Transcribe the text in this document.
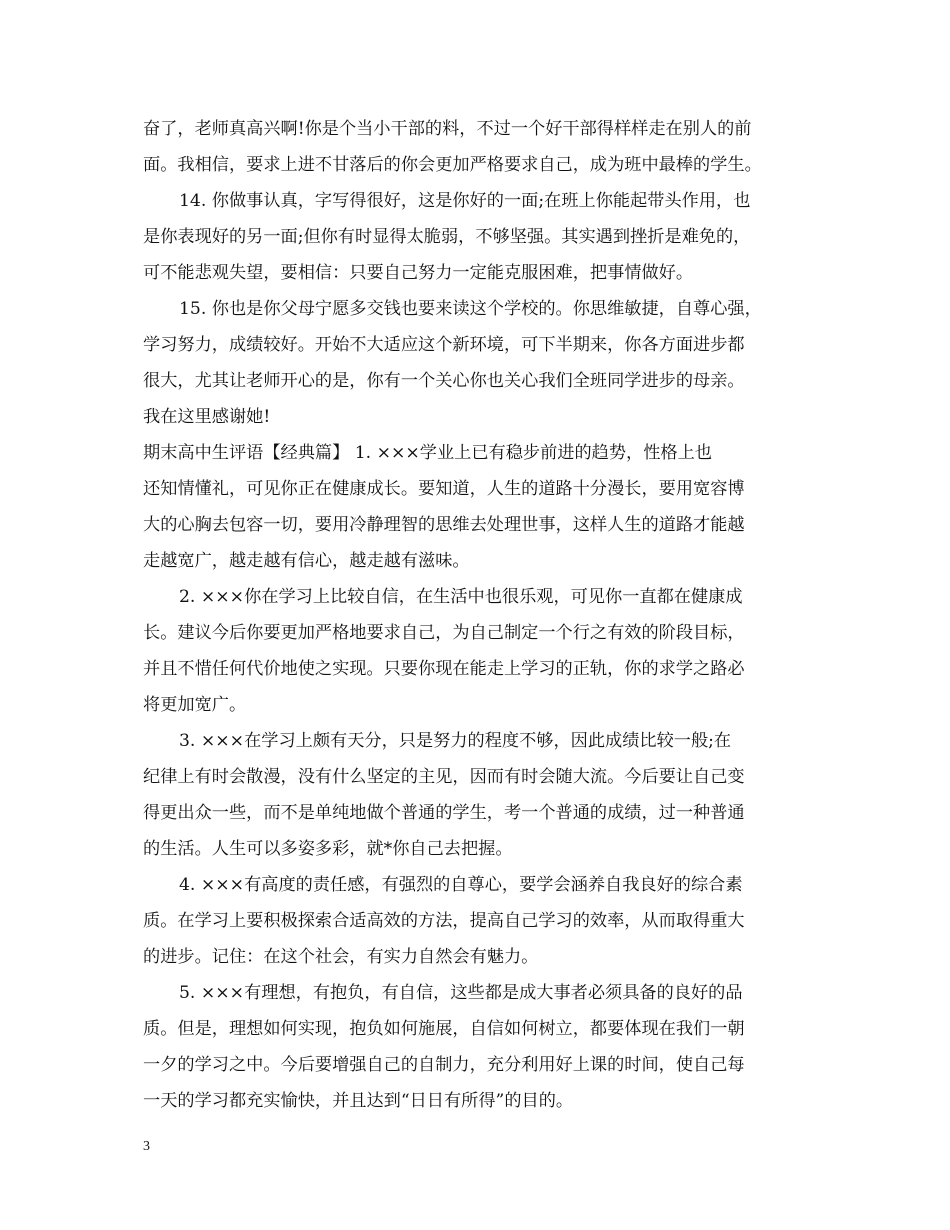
奋了，老师真高兴啊!你是个当小干部的料，不过一个好干部得样样走在别人的前
面。我相信，要求上进不甘落后的你会更加严格要求自己，成为班中最棒的学生。
14. 你做事认真，字写得很好，这是你好的一面;在班上你能起带头作用，也
是你表现好的另一面;但你有时显得太脆弱，不够坚强。其实遇到挫折是难免的，
可不能悲观失望，要相信：只要自己努力一定能克服困难，把事情做好。
15. 你也是你父母宁愿多交钱也要来读这个学校的。你思维敏捷，自尊心强，
学习努力，成绩较好。开始不大适应这个新环境，可下半期来，你各方面进步都
很大，尤其让老师开心的是，你有一个关心你也关心我们全班同学进步的母亲。
我在这里感谢她!
期末高中生评语【经典篇】 1. ×××学业上已有稳步前进的趋势，性格上也
还知情懂礼，可见你正在健康成长。要知道，人生的道路十分漫长，要用宽容博
大的心胸去包容一切，要用冷静理智的思维去处理世事，这样人生的道路才能越
走越宽广，越走越有信心，越走越有滋味。
2. ×××你在学习上比较自信，在生活中也很乐观，可见你一直都在健康成
长。建议今后你要更加严格地要求自己，为自己制定一个行之有效的阶段目标，
并且不惜任何代价地使之实现。只要你现在能走上学习的正轨，你的求学之路必
将更加宽广。
3. ×××在学习上颇有天分，只是努力的程度不够，因此成绩比较一般;在
纪律上有时会散漫，没有什么坚定的主见，因而有时会随大流。今后要让自己变
得更出众一些，而不是单纯地做个普通的学生，考一个普通的成绩，过一种普通
的生活。人生可以多姿多彩，就*你自己去把握。
4. ×××有高度的责任感，有强烈的自尊心，要学会涵养自我良好的综合素
质。在学习上要积极探索合适高效的方法，提高自己学习的效率，从而取得重大
的进步。记住：在这个社会，有实力自然会有魅力。
5. ×××有理想，有抱负，有自信，这些都是成大事者必须具备的良好的品
质。但是，理想如何实现，抱负如何施展，自信如何树立，都要体现在我们一朝
一夕的学习之中。今后要增强自己的自制力，充分利用好上课的时间，使自己每
一天的学习都充实愉快，并且达到“日日有所得”的目的。
3
